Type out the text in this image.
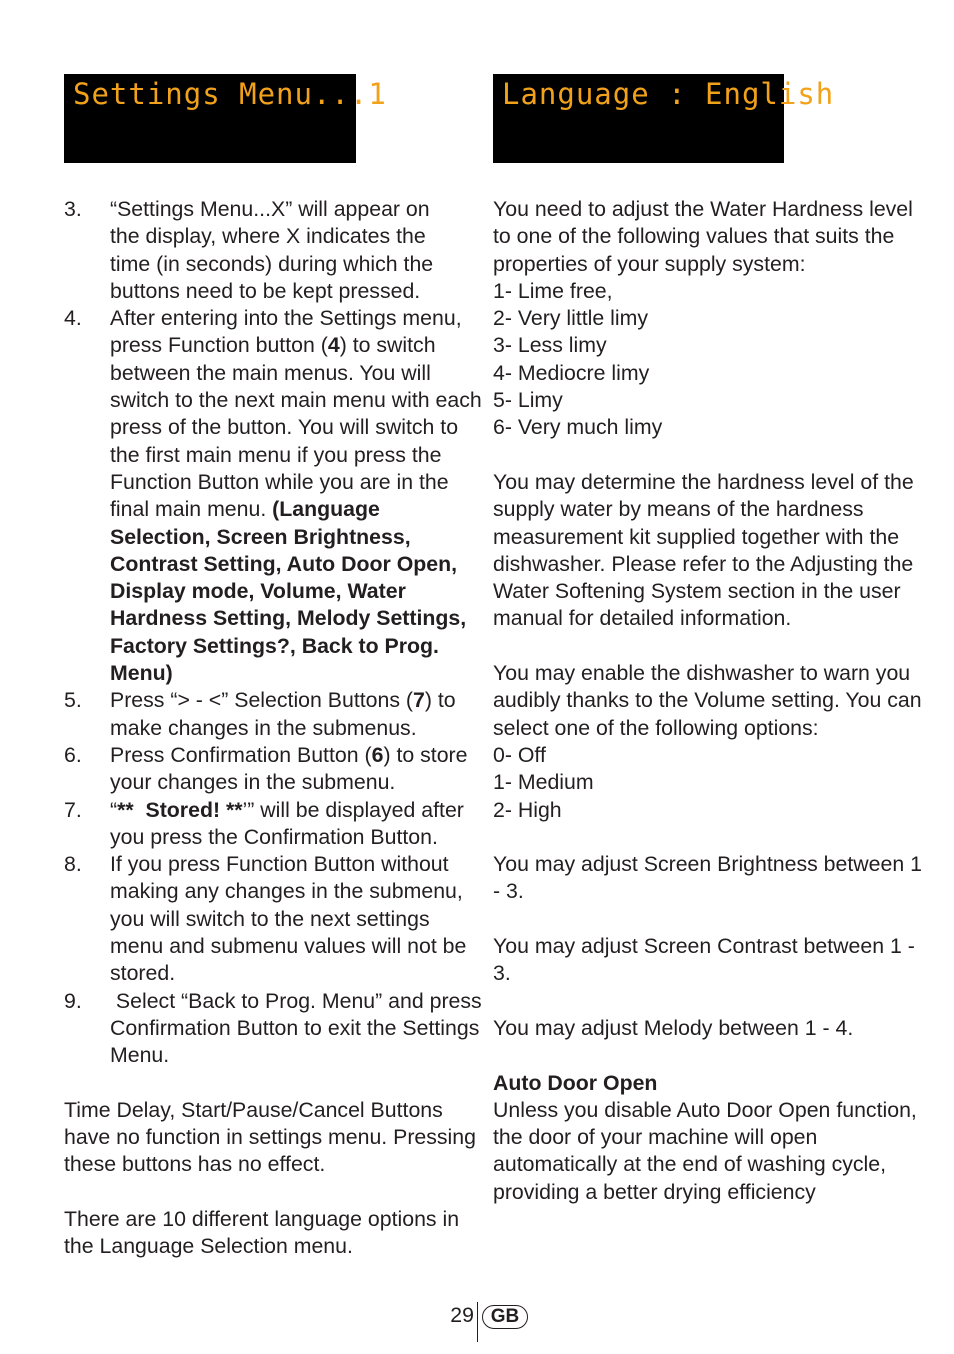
Settings Menu...1	Language : English
3.	“Settings Menu...X” will appear on
the display, where X indicates the
time (in seconds) during which the
buttons need to be kept pressed.
4.	After entering into the Settings menu, press Function button (4) to switch between the main menus. You will switch to the next main menu with each press of the button. You will switch to the first main menu if you press the Function Button while you are in the final main menu. (Language Selection, Screen Brightness, Contrast Setting, Auto Door Open, Display mode, Volume, Water Hardness Setting, Melody Settings, Factory Settings?, Back to Prog. Menu)
5.	Press “> - <” Selection Buttons (7) to make changes in the submenus.
6.	Press Confirmation Button (6) to store your changes in the submenu.
7.	“**  Stored! **’” will be displayed after you press the Confirmation Button.
8.	If you press Function Button without making any changes in the submenu, you will switch to the next settings menu and submenu values will not be stored.
9.	Select “Back to Prog. Menu” and press Confirmation Button to exit the Settings Menu.

Time Delay, Start/Pause/Cancel Buttons have no function in settings menu. Pressing these buttons has no effect.

There are 10 different language options in the Language Selection menu.

You need to adjust the Water Hardness level to one of the following values that suits the properties of your supply system:

1- Lime free,

2- Very little limy

3- Less limy

4- Mediocre limy

5- Limy

6- Very much limy

You may determine the hardness level of the supply water by means of the hardness measurement kit supplied together with the dishwasher. Please refer to the Adjusting the Water Softening System section in the user manual for detailed information.

You may enable the dishwasher to warn you audibly thanks to the Volume setting. You can select one of the following options:

0- Off

1- Medium

2- High

You may adjust Screen Brightness between 1 - 3.

You may adjust Screen Contrast between 1 - 3.

You may adjust Melody between 1 - 4.

Auto Door Open

Unless you disable Auto Door Open function, the door of your machine will open automatically at the end of washing cycle, providing a better drying efficiency

29 GB
